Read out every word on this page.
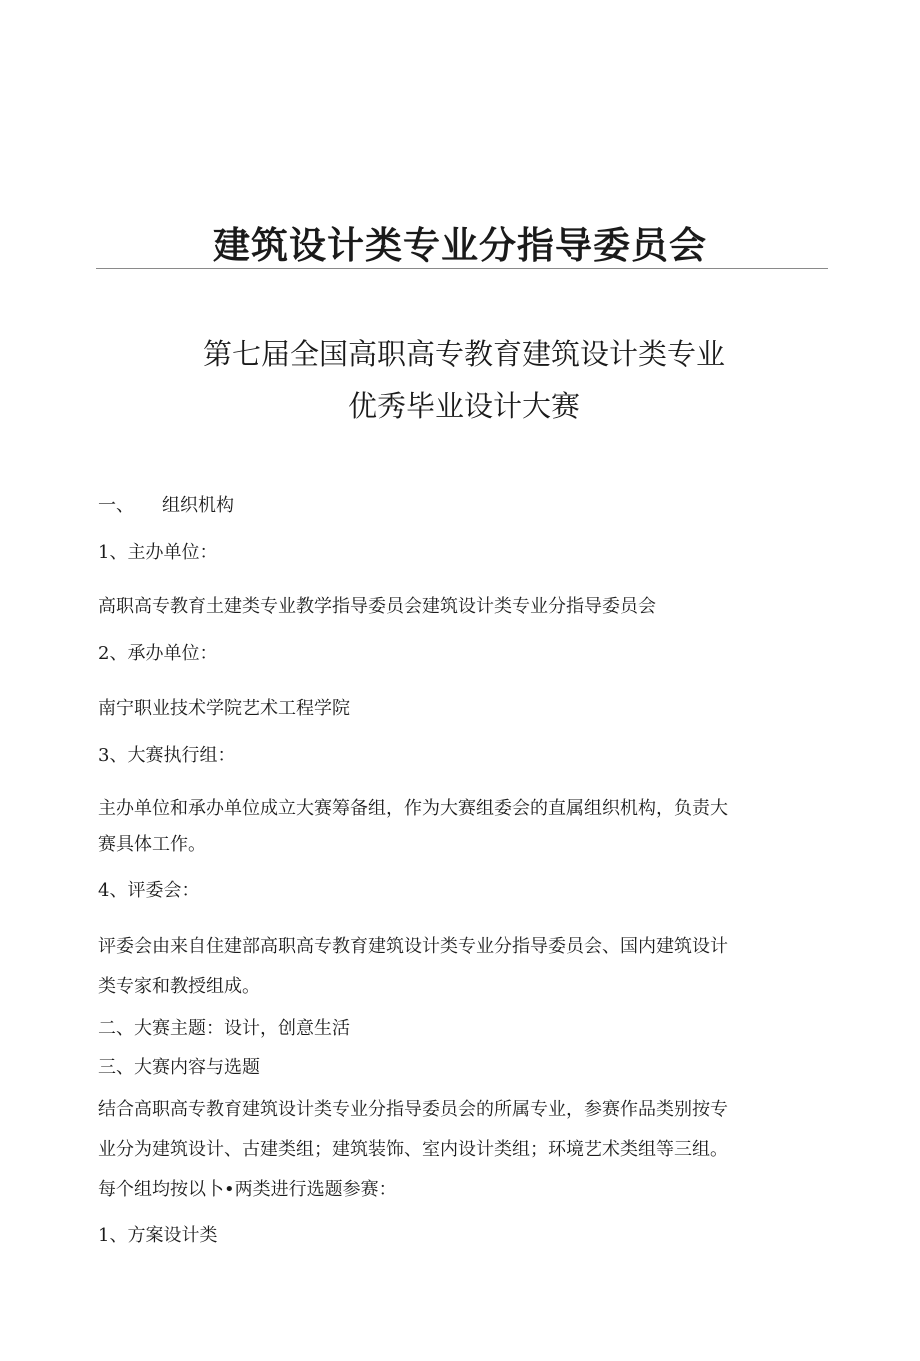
建筑设计类专业分指导委员会
第七届全国高职高专教育建筑设计类专业
优秀毕业设计大赛
一、 组织机构
1、主办单位：
高职高专教育土建类专业教学指导委员会建筑设计类专业分指导委员会
2、承办单位：
南宁职业技术学院艺术工程学院
3、大赛执行组：
主办单位和承办单位成立大赛筹备组，作为大赛组委会的直属组织机构，负责大
赛具体工作。
4、评委会：
评委会由来自住建部高职高专教育建筑设计类专业分指导委员会、国内建筑设计
类专家和教授组成。
二、大赛主题：设计，创意生活
三、大赛内容与选题
结合高职高专教育建筑设计类专业分指导委员会的所属专业，参赛作品类别按专
业分为建筑设计、古建类组；建筑装饰、室内设计类组；环境艺术类组等三组。
每个组均按以卜•两类进行选题参赛：
1、方案设计类
